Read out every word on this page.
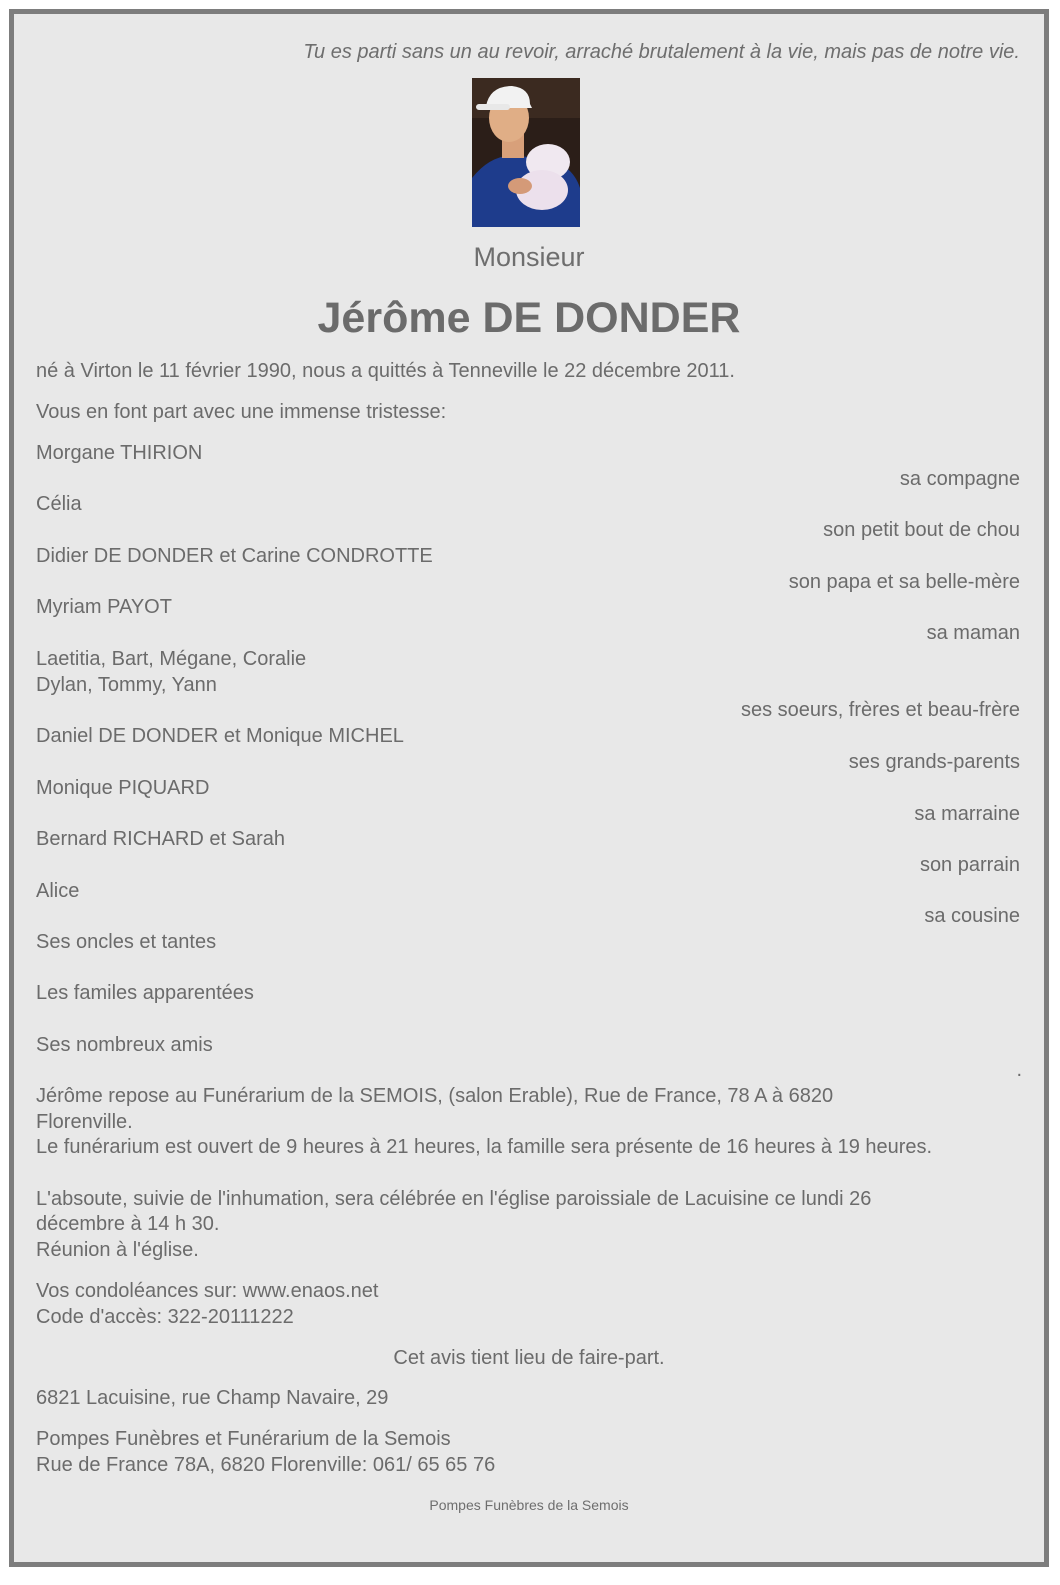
Tu es parti sans un au revoir, arraché brutalement à la vie, mais pas de notre vie.
Monsieur
Jérôme DE DONDER
né à Virton le 11 février 1990, nous a quittés à Tenneville le 22 décembre 2011.
Vous en font part avec une immense tristesse:
Morgane THIRION
sa compagne
Célia
son petit bout de chou
Didier DE DONDER et Carine CONDROTTE
son papa et sa belle-mère
Myriam PAYOT
sa maman
Laetitia, Bart, Mégane, Coralie
Dylan, Tommy, Yann
ses soeurs, frères et beau-frère
Daniel DE DONDER et Monique MICHEL
ses grands-parents
Monique PIQUARD
sa marraine
Bernard RICHARD et Sarah
son parrain
Alice
sa cousine
Ses oncles et tantes
Les familes apparentées
Ses nombreux amis
.
Jérôme repose au Funérarium de la SEMOIS, (salon Erable), Rue de France, 78 A à 6820
Florenville.
Le funérarium est ouvert de 9 heures à 21 heures, la famille sera présente de 16 heures à 19 heures.
L'absoute, suivie de l'inhumation, sera célébrée en l'église paroissiale de Lacuisine ce lundi 26
décembre à 14 h 30.
Réunion à l'église.
Vos condoléances sur: www.enaos.net
Code d'accès: 322-20111222
Cet avis tient lieu de faire-part.
6821 Lacuisine, rue Champ Navaire, 29
Pompes Funèbres et Funérarium de la Semois
Rue de France 78A, 6820 Florenville: 061/ 65 65 76
Pompes Funèbres de la Semois
